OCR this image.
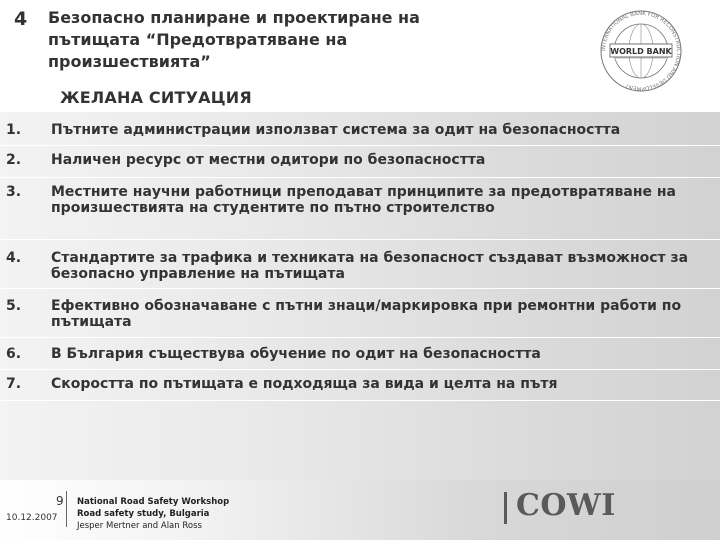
4 Безопасно планиране и проектиране на
пътищата “Предотвратяване на
произшествията”
INTERNATIONAL BANK FOR RECONSTRUCTION AND DEVELOPMENT
WORLD BANK
ЖЕЛАНА СИТУАЦИЯ
1. Пътните администрации използват система за одит на безопасността
2. Наличен ресурс от местни одитори по безопасността
3. Местните научни работници преподават принципите за предотвратяване на произшествията на студентите по пътно строителство
4. Стандартите за трафика и техниката на безопасност създават възможност за безопасно управление на пътищата
5. Ефективно обозначаване с пътни знаци/маркировка при ремонтни работи по пътищата
6. В България съществува обучение по одит на безопасността
7. Скоростта по пътищата е подходяща за вида и целта на пътя
9
10.12.2007
National Road Safety Workshop
Road safety study, Bulgaria
Jesper Mertner and Alan Ross
COWI
